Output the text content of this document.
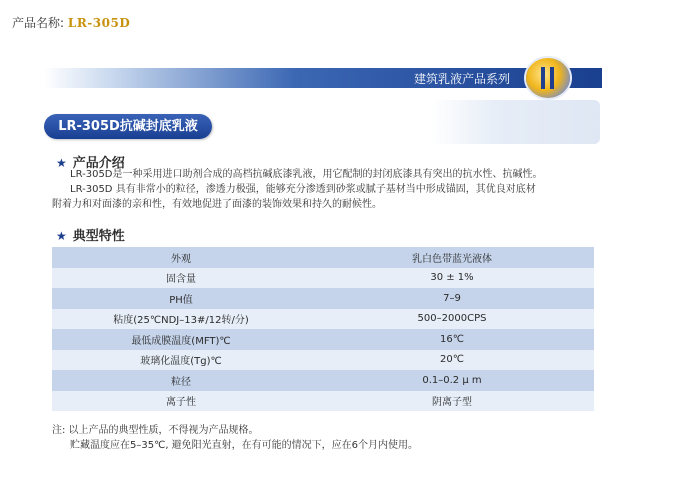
产品名称: LR-305D
建筑乳液产品系列
LR-305D抗碱封底乳液
★ 产品介绍

LR-305D是一种采用进口助剂合成的高档抗碱底漆乳液，用它配制的封闭底漆具有突出的抗水性、抗碱性。

LR-305D 具有非常小的粒径，渗透力极强，能够充分渗透到砂浆或腻子基材当中形成锚固，其优良对底材

附着力和对面漆的亲和性，有效地促进了面漆的装饰效果和持久的耐候性。

★ 典型特性
外观	乳白色带蓝光液体
固含量	30 ± 1%
PH值	7–9
粘度(25℃NDJ–13#/12转/分)	500–2000CPS
最低成膜温度(MFT)℃	16℃
玻璃化温度(Tg)℃	20℃
粒径	0.1–0.2 μ m
离子性	阴离子型
注: 以上产品的典型性质，不得视为产品规格。
贮藏温度应在5–35℃, 避免阳光直射，在有可能的情况下，应在6个月内使用。
